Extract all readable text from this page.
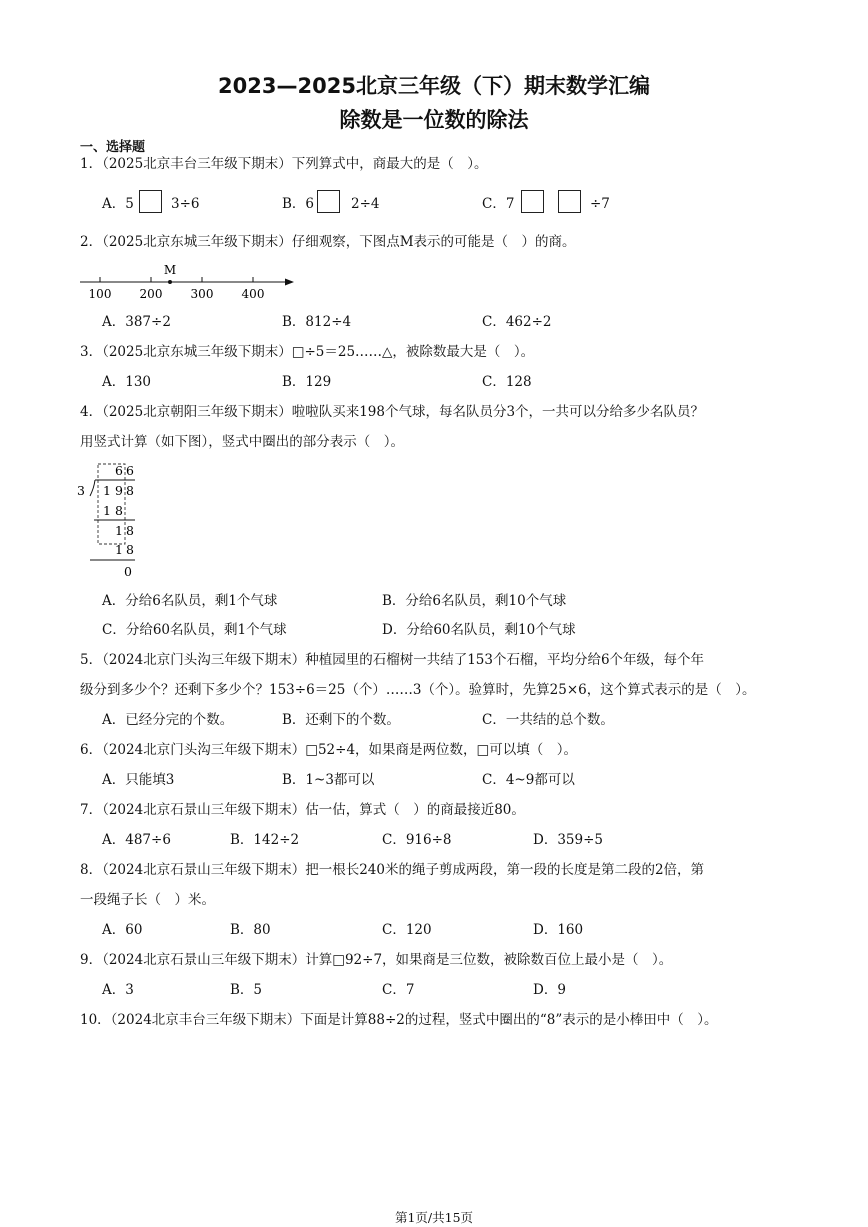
2023—2025北京三年级（下）期末数学汇编
除数是一位数的除法
一、选择题
1．（2025北京丰台三年级下期末）下列算式中，商最大的是（　）。
A．5	3÷6	B．6	2÷4	C．7	÷7
2．（2025北京东城三年级下期末）仔细观察，下图点M表示的可能是（　）的商。
M
100 200 300 400
A．387÷2	B．812÷4	C．462÷2
3．（2025北京东城三年级下期末）□÷5＝25……△，被除数最大是（　）。
A．130	B．129	C．128
4．（2025北京朝阳三年级下期末）啦啦队买来198个气球，每名队员分3个，一共可以分给多少名队员？
用竖式计算（如下图），竖式中圈出的部分表示（　）。
6 6
3 1 9 8
1 8
1 8
1 8
0
A．分给6名队员，剩1个气球	B．分给6名队员，剩10个气球
C．分给60名队员，剩1个气球	D．分给60名队员，剩10个气球
5．（2024北京门头沟三年级下期末）种植园里的石榴树一共结了153个石榴，平均分给6个年级，每个年
级分到多少个？还剩下多少个？153÷6＝25（个）……3（个）。验算时，先算25×6，这个算式表示的是（　）。
A．已经分完的个数。	B．还剩下的个数。	C．一共结的总个数。
6．（2024北京门头沟三年级下期末）□52÷4，如果商是两位数，□可以填（　）。
A．只能填3	B．1~3都可以	C．4~9都可以
7．（2024北京石景山三年级下期末）估一估，算式（　）的商最接近80。
A．487÷6	B．142÷2	C．916÷8	D．359÷5
8．（2024北京石景山三年级下期末）把一根长240米的绳子剪成两段，第一段的长度是第二段的2倍，第
一段绳子长（　）米。
A．60	B．80	C．120	D．160
9．（2024北京石景山三年级下期末）计算□92÷7，如果商是三位数，被除数百位上最小是（　）。
A．3	B．5	C．7	D．9
10．（2024北京丰台三年级下期末）下面是计算88÷2的过程，竖式中圈出的“8”表示的是小棒田中（　）。
第1页/共15页
